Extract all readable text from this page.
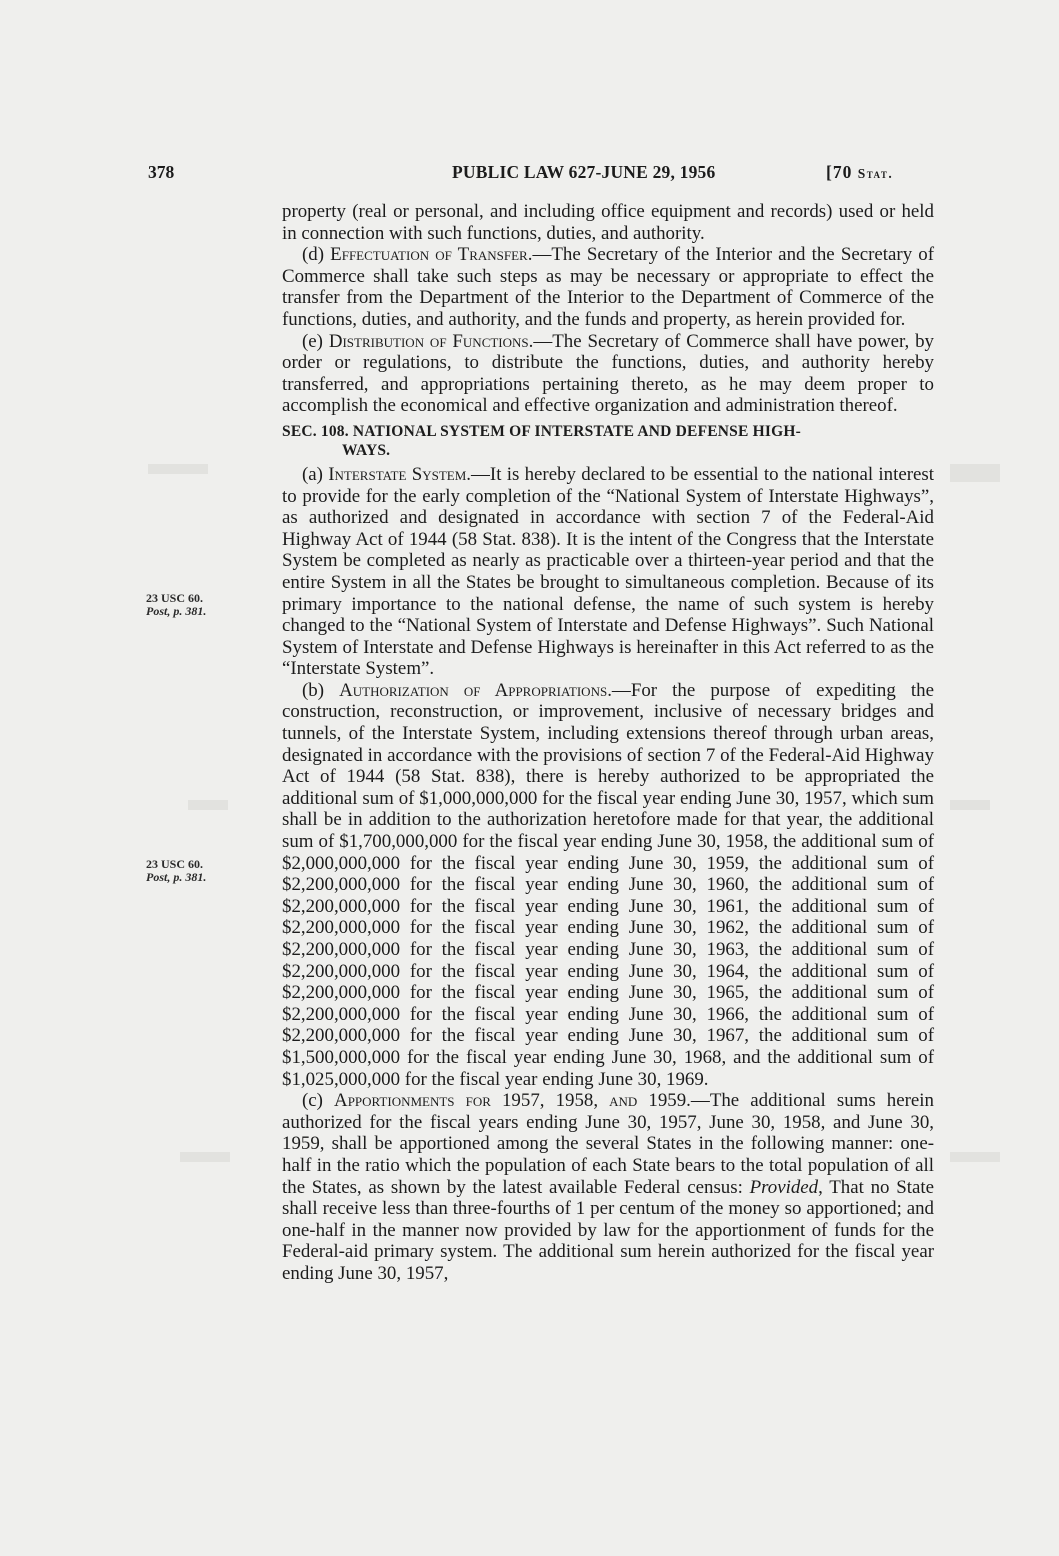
378	PUBLIC LAW 627-JUNE 29, 1956	[70 Stat.
23 USC 60.
Post, p. 381.
23 USC 60.
Post, p. 381.

property (real or personal, and including office equipment and records) used or held in connection with such functions, duties, and authority.

(d) Effectuation of Transfer.—The Secretary of the Interior and the Secretary of Commerce shall take such steps as may be necessary or appropriate to effect the transfer from the Department of the Interior to the Department of Commerce of the functions, duties, and authority, and the funds and property, as herein provided for.

(e) Distribution of Functions.—The Secretary of Commerce shall have power, by order or regulations, to distribute the functions, duties, and authority hereby transferred, and appropriations pertaining thereto, as he may deem proper to accomplish the economical and effective organization and administration thereof.

SEC. 108. NATIONAL SYSTEM OF INTERSTATE AND DEFENSE HIGH-
WAYS.

(a) Interstate System.—It is hereby declared to be essential to the national interest to provide for the early completion of the “National System of Interstate Highways”, as authorized and designated in accordance with section 7 of the Federal-Aid Highway Act of 1944 (58 Stat. 838). It is the intent of the Congress that the Interstate System be completed as nearly as practicable over a thirteen-year period and that the entire System in all the States be brought to simultaneous completion. Because of its primary importance to the national defense, the name of such system is hereby changed to the “National System of Interstate and Defense Highways”. Such National System of Interstate and Defense Highways is hereinafter in this Act referred to as the “Interstate System”.

(b) Authorization of Appropriations.—For the purpose of expediting the construction, reconstruction, or improvement, inclusive of necessary bridges and tunnels, of the Interstate System, including extensions thereof through urban areas, designated in accordance with the provisions of section 7 of the Federal-Aid Highway Act of 1944 (58 Stat. 838), there is hereby authorized to be appropriated the additional sum of $1,000,000,000 for the fiscal year ending June 30, 1957, which sum shall be in addition to the authorization heretofore made for that year, the additional sum of $1,700,000,000 for the fiscal year ending June 30, 1958, the additional sum of $2,000,000,000 for the fiscal year ending June 30, 1959, the additional sum of $2,200,000,000 for the fiscal year ending June 30, 1960, the additional sum of $2,200,000,000 for the fiscal year ending June 30, 1961, the additional sum of $2,200,000,000 for the fiscal year ending June 30, 1962, the additional sum of $2,200,000,000 for the fiscal year ending June 30, 1963, the additional sum of $2,200,000,000 for the fiscal year ending June 30, 1964, the additional sum of $2,200,000,000 for the fiscal year ending June 30, 1965, the additional sum of $2,200,000,000 for the fiscal year ending June 30, 1966, the additional sum of $2,200,000,000 for the fiscal year ending June 30, 1967, the additional sum of $1,500,000,000 for the fiscal year ending June 30, 1968, and the additional sum of $1,025,000,000 for the fiscal year ending June 30, 1969.

(c) Apportionments for 1957, 1958, and 1959.—The additional sums herein authorized for the fiscal years ending June 30, 1957, June 30, 1958, and June 30, 1959, shall be apportioned among the several States in the following manner: one-half in the ratio which the population of each State bears to the total population of all the States, as shown by the latest available Federal census: Provided, That no State shall receive less than three-fourths of 1 per centum of the money so apportioned; and one-half in the manner now provided by law for the apportionment of funds for the Federal-aid primary system. The additional sum herein authorized for the fiscal year ending June 30, 1957,
